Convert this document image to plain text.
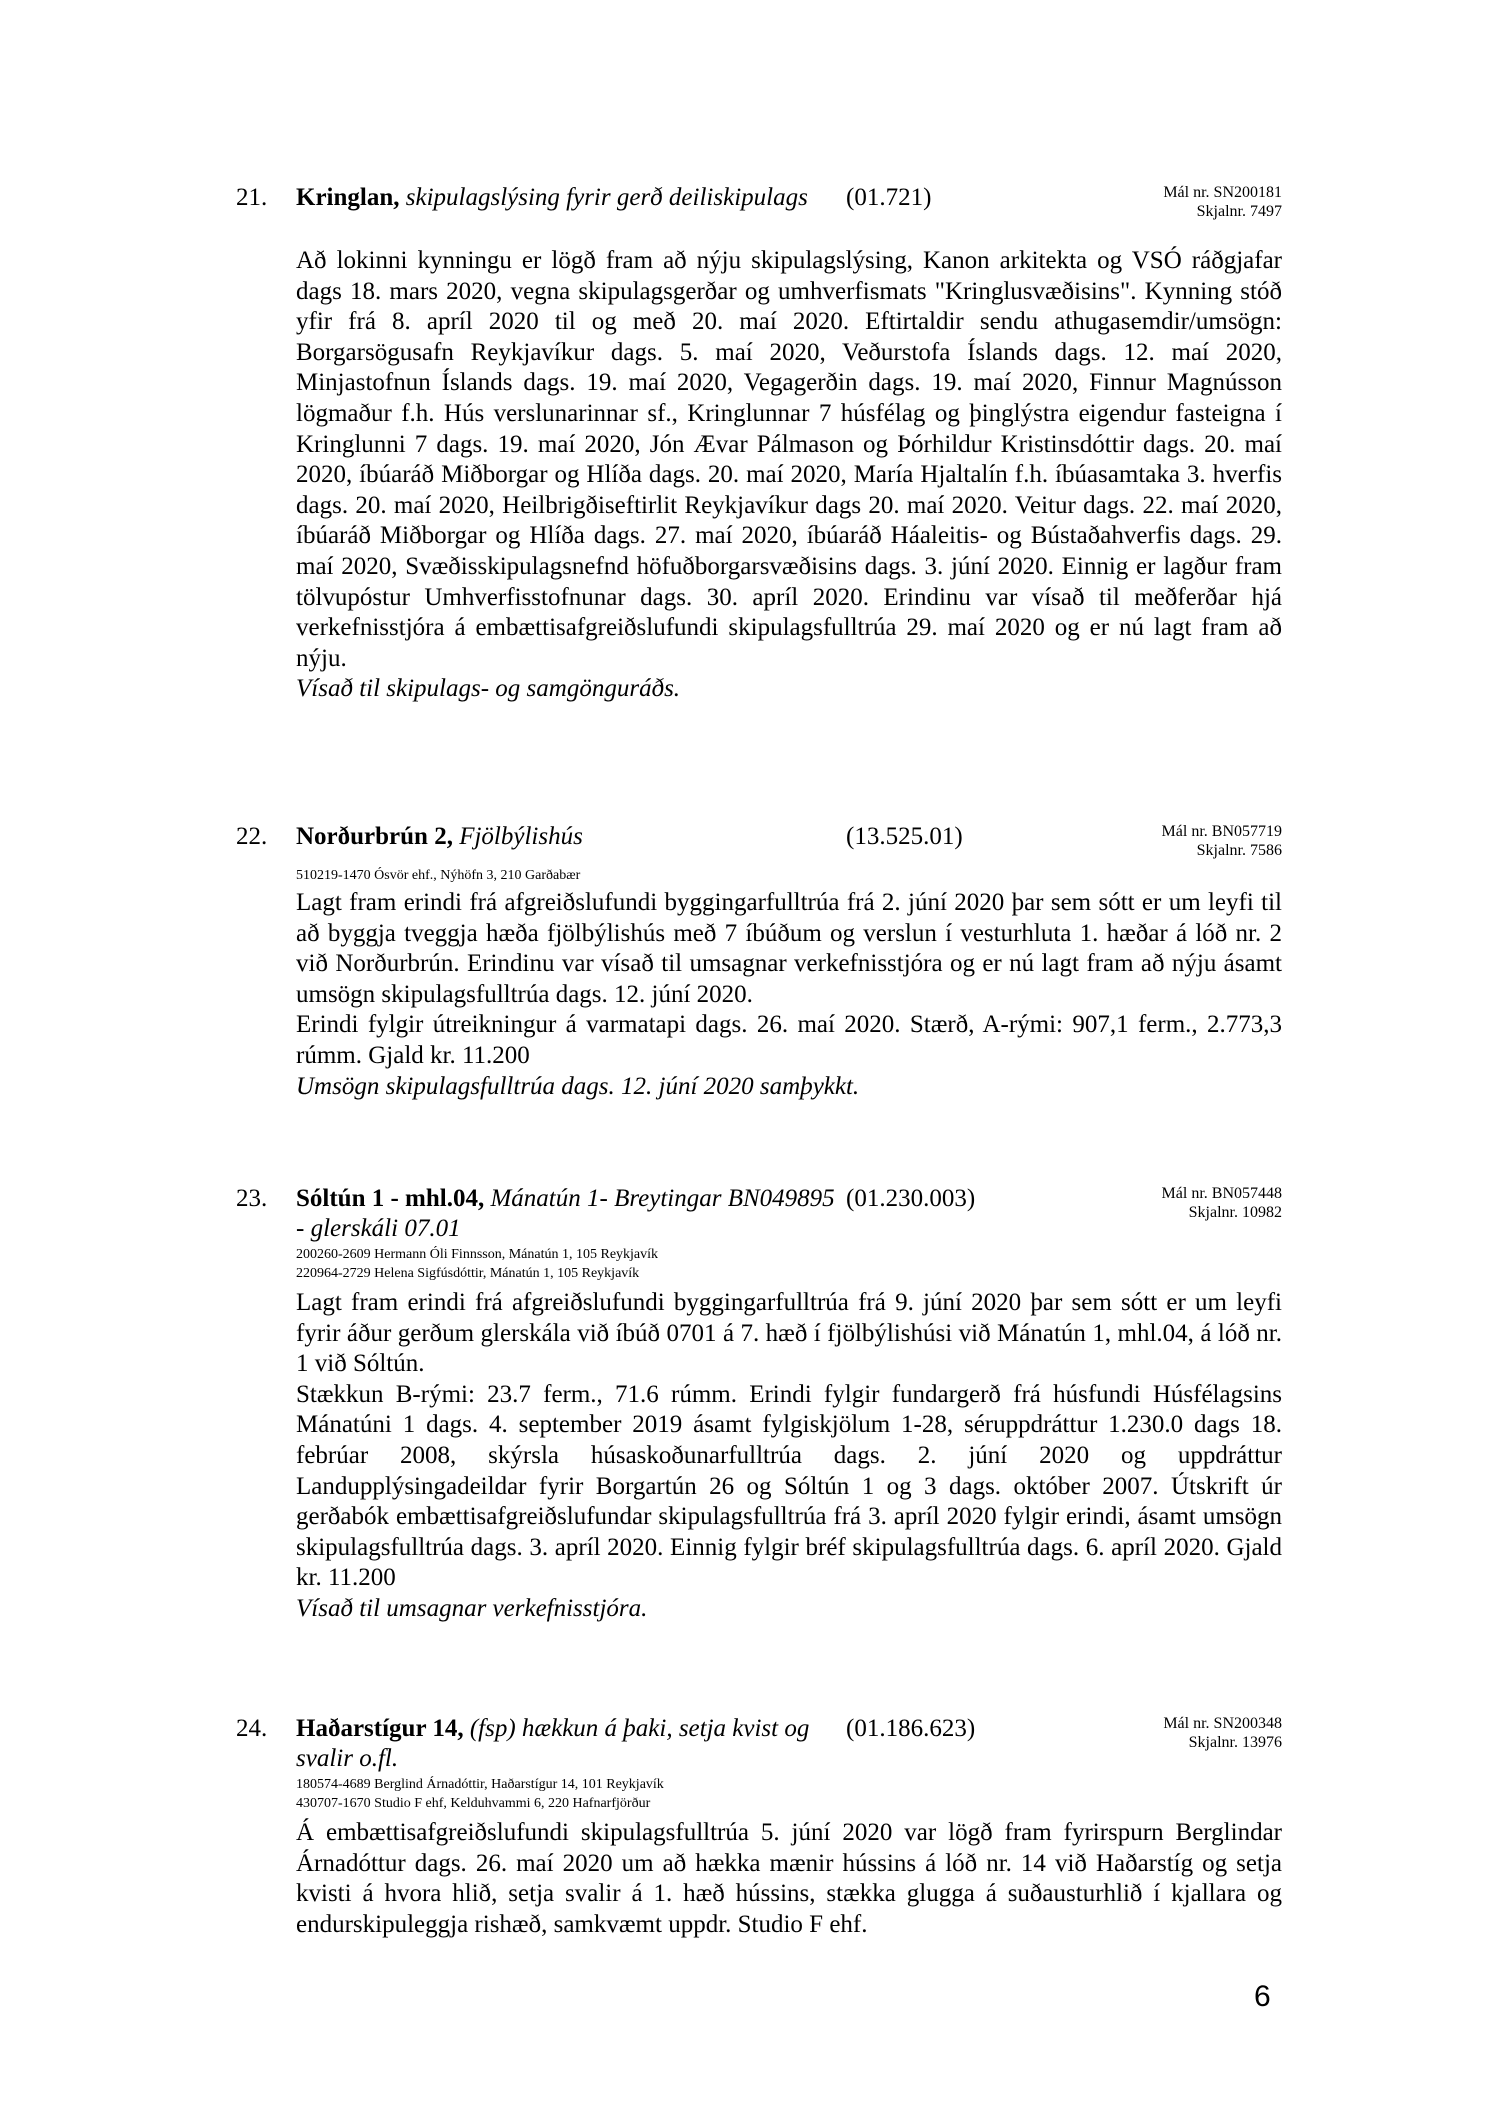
21. Kringlan, skipulagslýsing fyrir gerð deiliskipulags	(01.721)	Mál nr. SN200181
Skjalnr. 7497

Að lokinni kynningu er lögð fram að nýju skipulagslýsing, Kanon arkitekta og VSÓ ráðgjafar dags 18. mars 2020, vegna skipulagsgerðar og umhverfismats "Kringlusvæðisins". Kynning stóð yfir frá 8. apríl 2020 til og með 20. maí 2020. Eftirtaldir sendu athugasemdir/umsögn: Borgarsögusafn Reykjavíkur dags. 5. maí 2020, Veðurstofa Íslands dags. 12. maí 2020, Minjastofnun Íslands dags. 19. maí 2020, Vegagerðin dags. 19. maí 2020, Finnur Magnússon lögmaður f.h. Hús verslunarinnar sf., Kringlunnar 7 húsfélag og þinglýstra eigendur fasteigna í Kringlunni 7 dags. 19. maí 2020, Jón Ævar Pálmason og Þórhildur Kristinsdóttir dags. 20. maí 2020, íbúaráð Miðborgar og Hlíða dags. 20. maí 2020, María Hjaltalín f.h. íbúasamtaka 3. hverfis dags. 20. maí 2020, Heilbrigðiseftirlit Reykjavíkur dags 20. maí 2020. Veitur dags. 22. maí 2020, íbúaráð Miðborgar og Hlíða dags. 27. maí 2020, íbúaráð Háaleitis- og Bústaðahverfis dags. 29. maí 2020, Svæðisskipulagsnefnd höfuðborgarsvæðisins dags. 3. júní 2020. Einnig er lagður fram tölvupóstur Umhverfisstofnunar dags. 30. apríl 2020. Erindinu var vísað til meðferðar hjá verkefnisstjóra á embættisafgreiðslufundi skipulagsfulltrúa 29. maí 2020 og er nú lagt fram að nýju.

Vísað til skipulags- og samgönguráðs.

22. Norðurbrún 2, Fjölbýlishús	(13.525.01)	Mál nr. BN057719
Skjalnr. 7586
510219-1470 Ósvör ehf., Nýhöfn 3, 210 Garðabær

Lagt fram erindi frá afgreiðslufundi byggingarfulltrúa frá 2. júní 2020 þar sem sótt er um leyfi til að byggja tveggja hæða fjölbýlishús með 7 íbúðum og verslun í vesturhluta 1. hæðar á lóð nr. 2 við Norðurbrún. Erindinu var vísað til umsagnar verkefnisstjóra og er nú lagt fram að nýju ásamt umsögn skipulagsfulltrúa dags. 12. júní 2020.

Erindi fylgir útreikningur á varmatapi dags. 26. maí 2020. Stærð, A-rými: 907,1 ferm., 2.773,3 rúmm. Gjald kr. 11.200

Umsögn skipulagsfulltrúa dags. 12. júní 2020 samþykkt.

23. Sóltún 1 - mhl.04, Mánatún 1- Breytingar BN049895 - glerskáli 07.01
(01.230.003)	Mál nr. BN057448
Skjalnr. 10982
200260-2609 Hermann Óli Finnsson, Mánatún 1, 105 Reykjavík
220964-2729 Helena Sigfúsdóttir, Mánatún 1, 105 Reykjavík

Lagt fram erindi frá afgreiðslufundi byggingarfulltrúa frá 9. júní 2020 þar sem sótt er um leyfi fyrir áður gerðum glerskála við íbúð 0701 á 7. hæð í fjölbýlishúsi við Mánatún 1, mhl.04, á lóð nr. 1 við Sóltún.

Stækkun B-rými: 23.7 ferm., 71.6 rúmm. Erindi fylgir fundargerð frá húsfundi Húsfélagsins Mánatúni 1 dags. 4. september 2019 ásamt fylgiskjölum 1-28, séruppdráttur 1.230.0 dags 18. febrúar 2008, skýrsla húsaskoðunarfulltrúa dags. 2. júní 2020 og uppdráttur Landupplýsingadeildar fyrir Borgartún 26 og Sóltún 1 og 3 dags. október 2007. Útskrift úr gerðabók embættisafgreiðslufundar skipulagsfulltrúa frá 3. apríl 2020 fylgir erindi, ásamt umsögn skipulagsfulltrúa dags. 3. apríl 2020. Einnig fylgir bréf skipulagsfulltrúa dags. 6. apríl 2020. Gjald kr. 11.200

Vísað til umsagnar verkefnisstjóra.

24. Haðarstígur 14, (fsp) hækkun á þaki, setja kvist og svalir o.fl.
(01.186.623)	Mál nr. SN200348
Skjalnr. 13976
180574-4689 Berglind Árnadóttir, Haðarstígur 14, 101 Reykjavík
430707-1670 Studio F ehf, Kelduhvammi 6, 220 Hafnarfjörður

Á embættisafgreiðslufundi skipulagsfulltrúa 5. júní 2020 var lögð fram fyrirspurn Berglindar Árnadóttur dags. 26. maí 2020 um að hækka mænir hússins á lóð nr. 14 við Haðarstíg og setja kvisti á hvora hlið, setja svalir á 1. hæð hússins, stækka glugga á suðausturhlið í kjallara og endurskipuleggja rishæð, samkvæmt uppdr. Studio F ehf.

6
